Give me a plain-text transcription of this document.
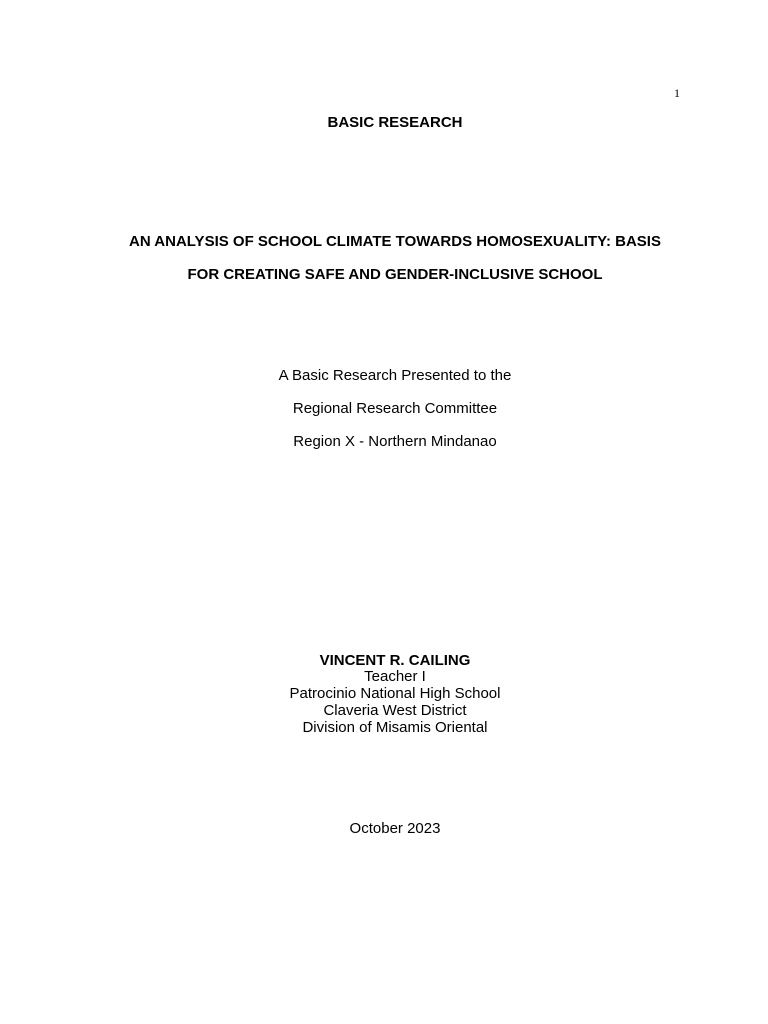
1
BASIC RESEARCH
AN ANALYSIS OF SCHOOL CLIMATE TOWARDS HOMOSEXUALITY: BASIS
FOR CREATING SAFE AND GENDER-INCLUSIVE SCHOOL
A Basic Research Presented to the
Regional Research Committee
Region X - Northern Mindanao
VINCENT R. CAILING
Teacher I
Patrocinio National High School
Claveria West District
Division of Misamis Oriental
October 2023
